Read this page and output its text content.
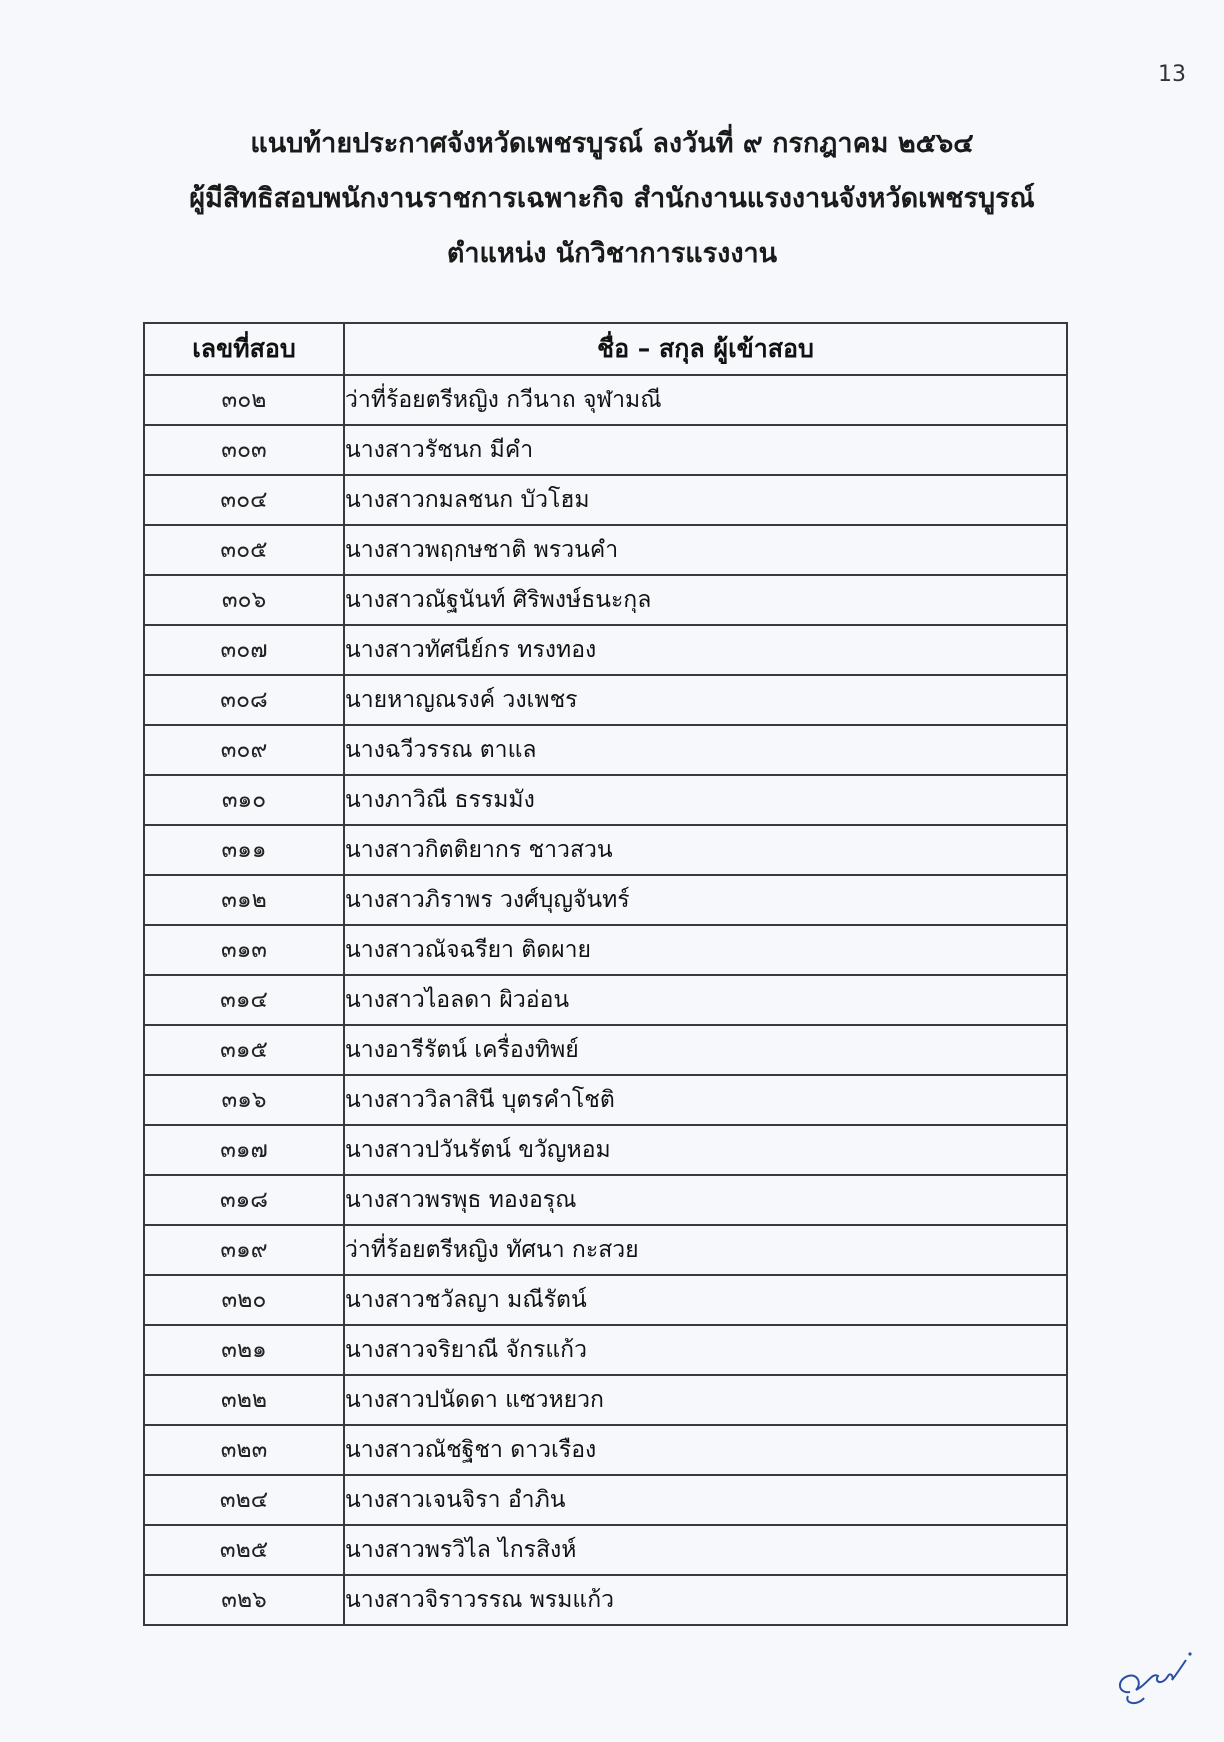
13
แนบท้ายประกาศจังหวัดเพชรบูรณ์ ลงวันที่ ๙ กรกฎาคม ๒๕๖๔
ผู้มีสิทธิสอบพนักงานราชการเฉพาะกิจ สำนักงานแรงงานจังหวัดเพชรบูรณ์
ตำแหน่ง นักวิชาการแรงงาน
เลขที่สอบ	ชื่อ – สกุล ผู้เข้าสอบ
๓๐๒	ว่าที่ร้อยตรีหญิง กวีนาถ จุฬามณี
๓๐๓	นางสาวรัชนก มีคำ
๓๐๔	นางสาวกมลชนก บัวโฮม
๓๐๕	นางสาวพฤกษชาติ พรวนคำ
๓๐๖	นางสาวณัฐนันท์ ศิริพงษ์ธนะกุล
๓๐๗	นางสาวทัศนีย์กร ทรงทอง
๓๐๘	นายหาญณรงค์ วงเพชร
๓๐๙	นางฉวีวรรณ ตาแล
๓๑๐	นางภาวิณี ธรรมมัง
๓๑๑	นางสาวกิตติยากร ชาวสวน
๓๑๒	นางสาวภิราพร วงศ์บุญจันทร์
๓๑๓	นางสาวณัจฉรียา ติดผาย
๓๑๔	นางสาวไอลดา ผิวอ่อน
๓๑๕	นางอารีรัตน์ เครื่องทิพย์
๓๑๖	นางสาววิลาสินี บุตรคำโชติ
๓๑๗	นางสาวปวันรัตน์ ขวัญหอม
๓๑๘	นางสาวพรพุธ ทองอรุณ
๓๑๙	ว่าที่ร้อยตรีหญิง ทัศนา กะสวย
๓๒๐	นางสาวชวัลญา มณีรัตน์
๓๒๑	นางสาวจริยาณี จักรแก้ว
๓๒๒	นางสาวปนัดดา แซวหยวก
๓๒๓	นางสาวณัชฐิชา ดาวเรือง
๓๒๔	นางสาวเจนจิรา อำภิน
๓๒๕	นางสาวพรวิไล ไกรสิงห์
๓๒๖	นางสาวจิราวรรณ พรมแก้ว
